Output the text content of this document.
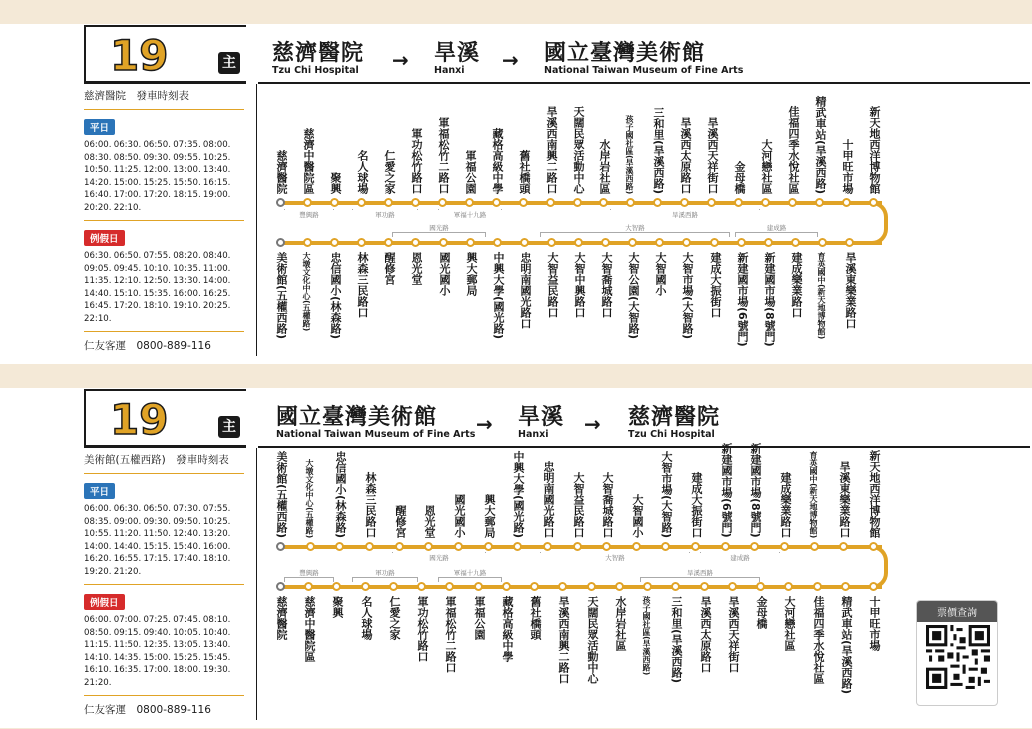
19	主 慈濟醫院
Tzu Chi Hospital → 旱溪
Hanxi	→ 國立臺灣美術館
National Taiwan Museum of Fine Arts
慈濟醫院　發車時刻表
平日
06:00. 06:30. 06:50. 07:35. 08:00. 08:30. 08:50. 09:30. 09:55. 10:25. 10:50. 11:25. 12:00. 13:00. 13:40. 14:20. 15:00. 15:25. 15:50. 16:15. 16:40. 17:00. 17:20. 18:15. 19:00. 20:20. 22:10.
例假日
06:30. 06:50. 07:55. 08:20. 08:40. 09:05. 09:45. 10:10. 10:35. 11:00. 11:35. 12:10. 12:50. 13:30. 14:00. 14:40. 15:10. 15:35. 16:00. 16:25. 16:45. 17:20. 18:10. 19:10. 20:25. 22:10.
仁友客運　0800-889-116
慈濟醫院 慈濟中醫院區 聚興 名人球場 仁愛之家 軍功松竹路口 軍福松竹二路口 軍福公園 藏格高級中學 舊社橋頭 旱溪西南興二路口 天闊民眾活動中心 水岸岩社區 孩子國社區(旱溪西路) 三和里(旱溪西路) 旱溪西太原路口 旱溪西天祥街口 金母橋 大河戀社區 佳福四季水悅社區 精武車站(旱溪西路) 十甲旺市場 新天地西洋博物館
美術館(五權西路) 大墩文化中心(五權路) 忠信國小(林森路) 林森三民路口 醒修宮 恩光堂 國光國小 興大郵局 中興大學(國光路) 忠明南國光路口 大智益民路口 大智中興路口 大智喬城路口 大智公園(大智路) 大智國小 大智市場(大智路) 建成大振街口 新建國市場(6號門) 新建國市場(8號門) 建成樂業路口 育英國中(新天地博物館) 旱溪東樂業路口
豐興路	軍功路	軍福十九路	旱溪西路
國光路	大智路	建成路
19	主 國立臺灣美術館
National Taiwan Museum of Fine Arts → 旱溪
Hanxi	→ 慈濟醫院
Tzu Chi Hospital
美術館(五權西路)　發車時刻表
平日
06:00. 06:30. 06:50. 07:30. 07:55. 08:35. 09:00. 09:30. 09:50. 10:25. 10:55. 11:20. 11:50. 12:40. 13:20. 14:00. 14:40. 15:15. 15:40. 16:00. 16:20. 16:55. 17:15. 17:40. 18:10. 19:20. 21:20.
例假日
06:00. 07:00. 07:25. 07:45. 08:10. 08:50. 09:15. 09:40. 10:05. 10:40. 11:15. 11:50. 12:35. 13:05. 13:40. 14:10. 14:35. 15:00. 15:25. 15:45. 16:10. 16:35. 17:00. 18:00. 19:30. 21:20.
仁友客運　0800-889-116
美術館(五權西路) 大墩文化中心(五權路) 忠信國小(林森路) 林森三民路口 醒修宮 恩光堂 國光國小 興大郵局 中興大學(國光路) 忠明南國光路口 大智益民路口 大智喬城路口 大智國小 大智市場(大智路) 建成大振街口 新建國市場(6號門) 新建國市場(8號門) 建成樂業路口 育英國中(新天地博物館) 旱溪東樂業路口 新天地西洋博物館
慈濟醫院 慈濟中醫院區 聚興 名人球場 仁愛之家 軍功松竹路口 軍福松竹二路口 軍福公園 藏格高級中學 舊社橋頭 旱溪西南興二路口 天闊民眾活動中心 水岸岩社區 孩子國社區(旱溪西路) 三和里(旱溪西路) 旱溪西太原路口 旱溪西天祥街口 金母橋 大河戀社區 佳福四季水悅社區 精武車站(旱溪西路) 十甲旺市場
國光路	大智路	建成路
豐興路	軍功路	軍福十九路	旱溪西路
票價查詢
